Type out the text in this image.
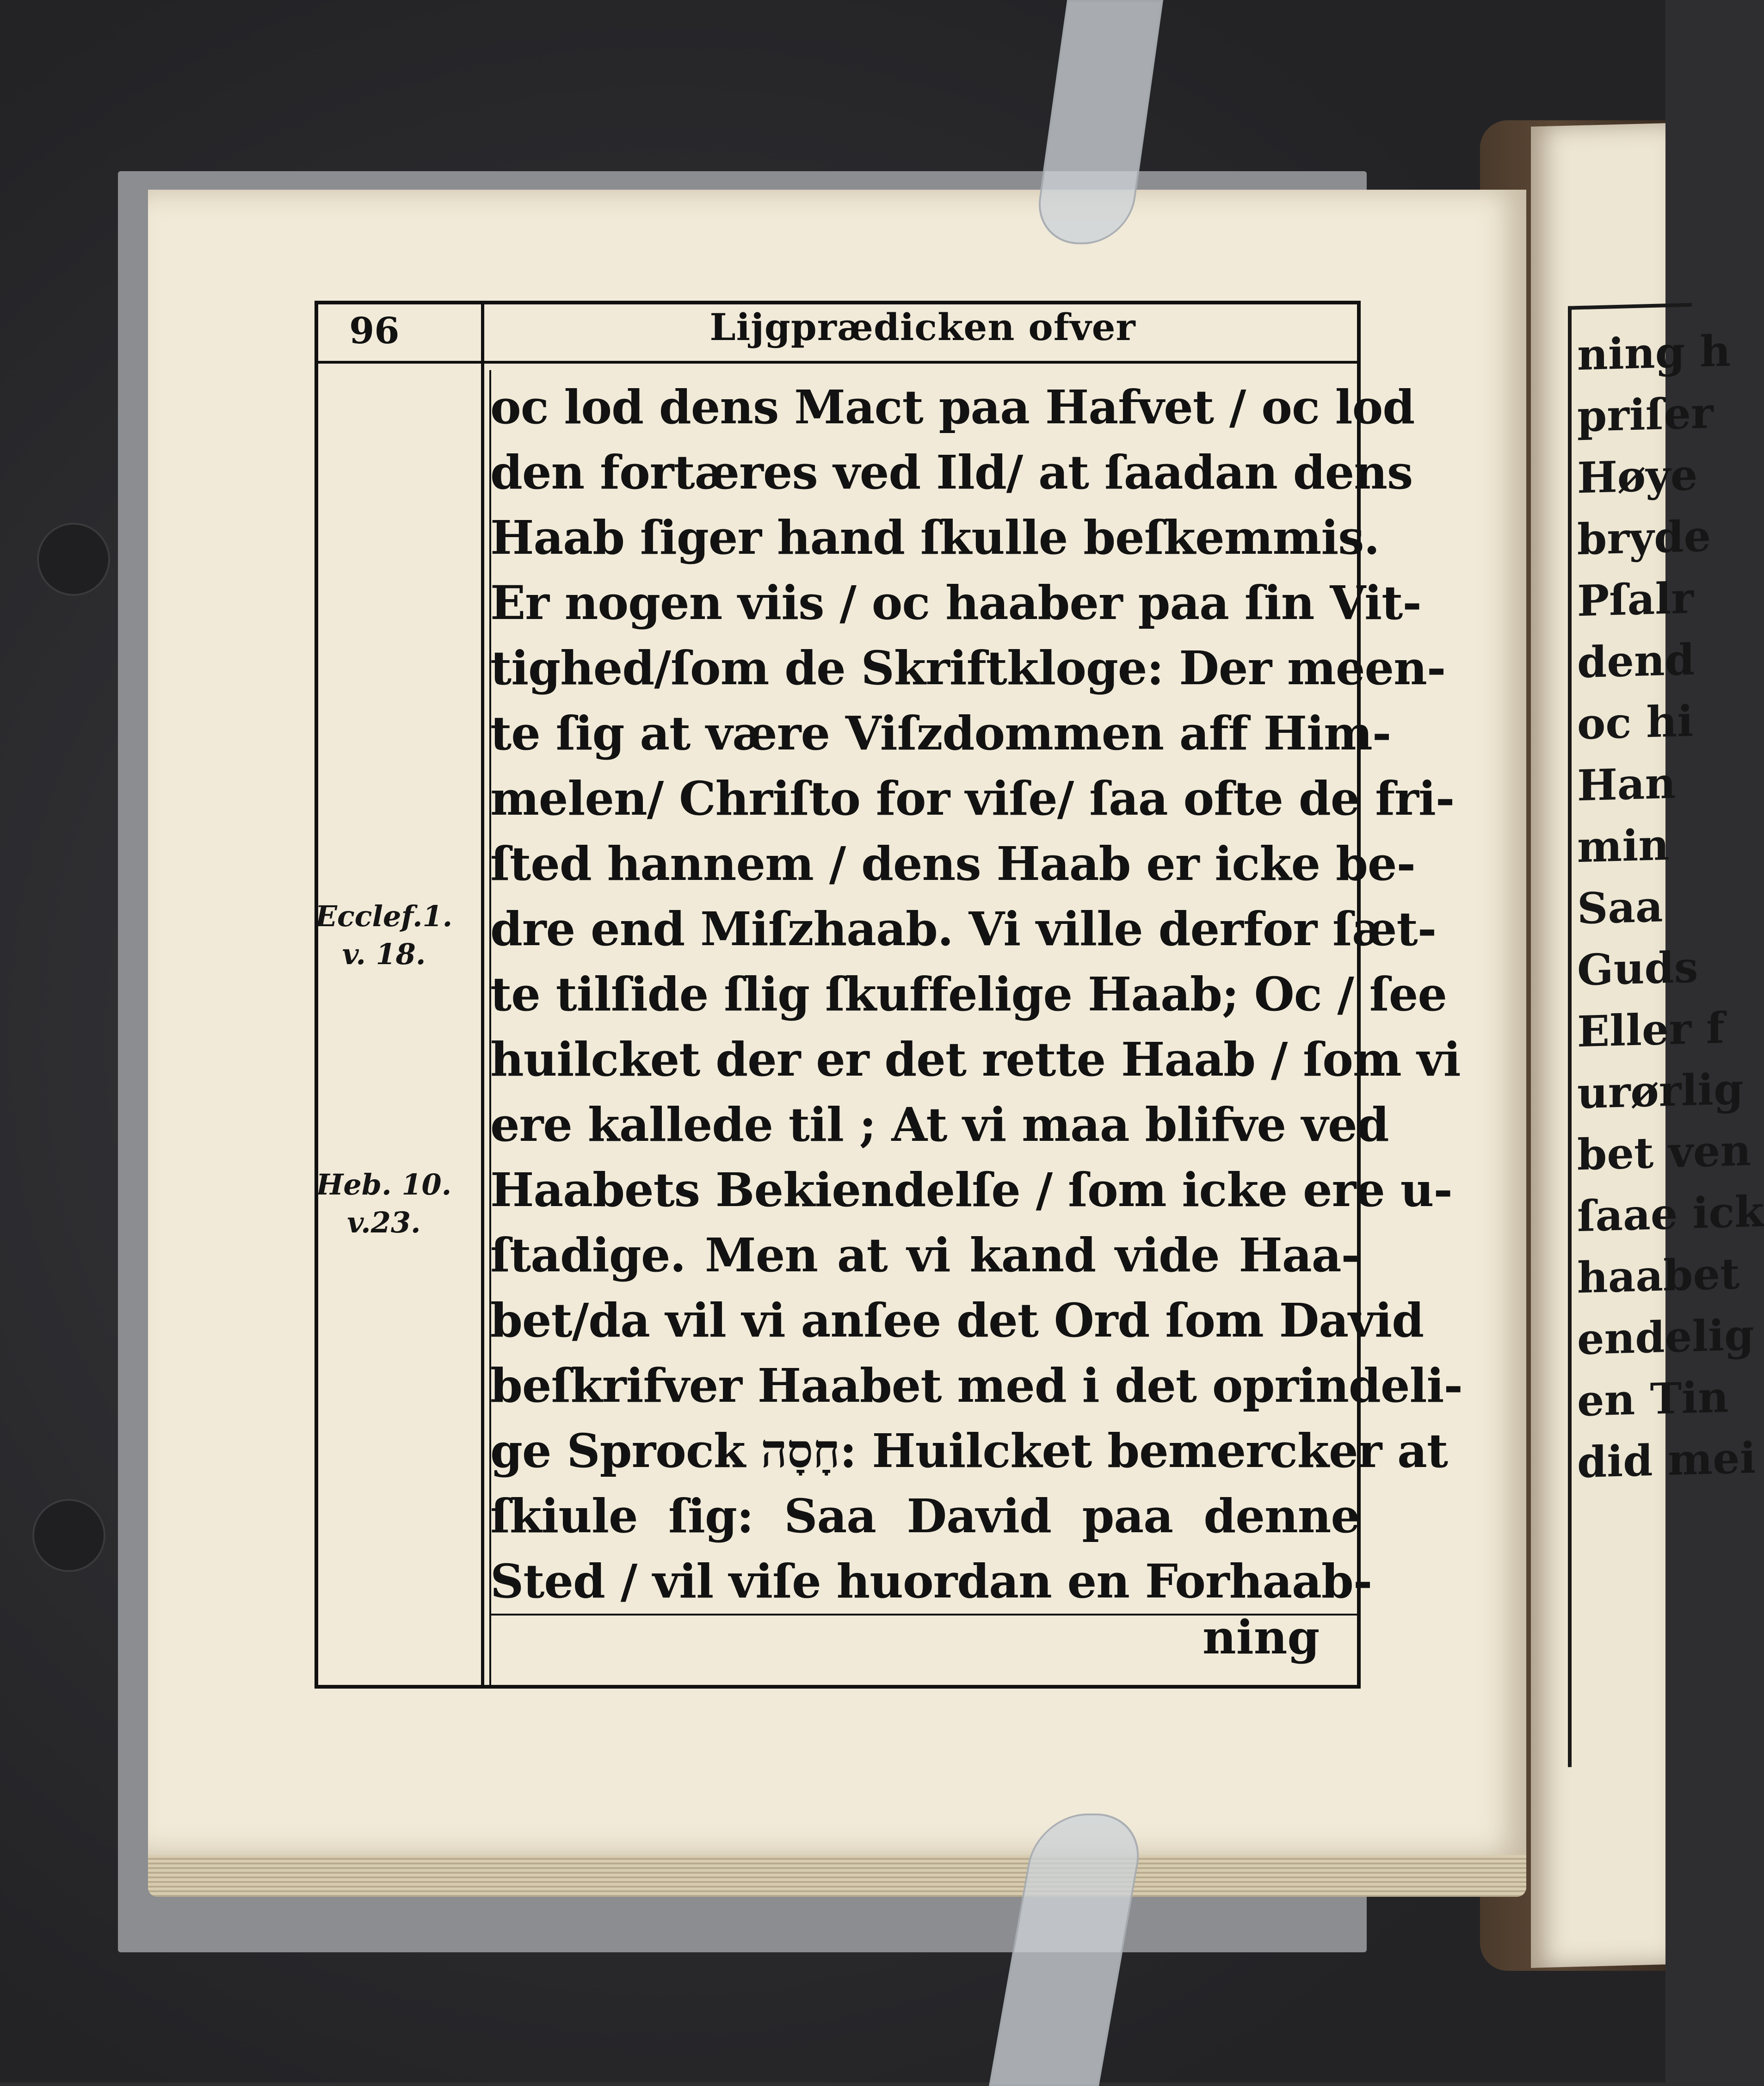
ning h
priſer
Høye
bryde
Pſalr
dend
oc hi
Han
min
Saa
Guds
Eller f
urørlig
bet ven
ſaae ick
haabet
endelig
en Tin
did mei
96	Lijgprædicken ofver
Ecclef.1.
v. 18.
Heb. 10.
v.23.
oc lod dens Mact paa Hafvet / oc lod
den fortæres ved Ild/ at ſaadan dens
Haab ſiger hand ſkulle beſkemmis.
Er nogen viis / oc haaber paa ſin Vit-
tighed/ſom de Skriftkloge: Der meen-
te ſig at være Viſzdommen aff Him-
melen/ Chriſto for viſe/ ſaa ofte de fri-
ſted hannem / dens Haab er icke be-
dre end Miſzhaab. Vi ville derfor ſæt-
te tilſide ſlig ſkuffelige Haab; Oc / ſee
huilcket der er det rette Haab / ſom vi
ere kallede til ; At vi maa blifve ved
Haabets Bekiendelſe / ſom icke ere u-
ſtadige. Men at vi kand vide Haa-
bet/da vil vi anſee det Ord ſom David
beſkrifver Haabet med i det oprindeli-
ge Sprock חָסָה: Huilcket bemercker at
ſkiule ſig: Saa David paa denne
Sted / vil viſe huordan en Forhaab-
ning
